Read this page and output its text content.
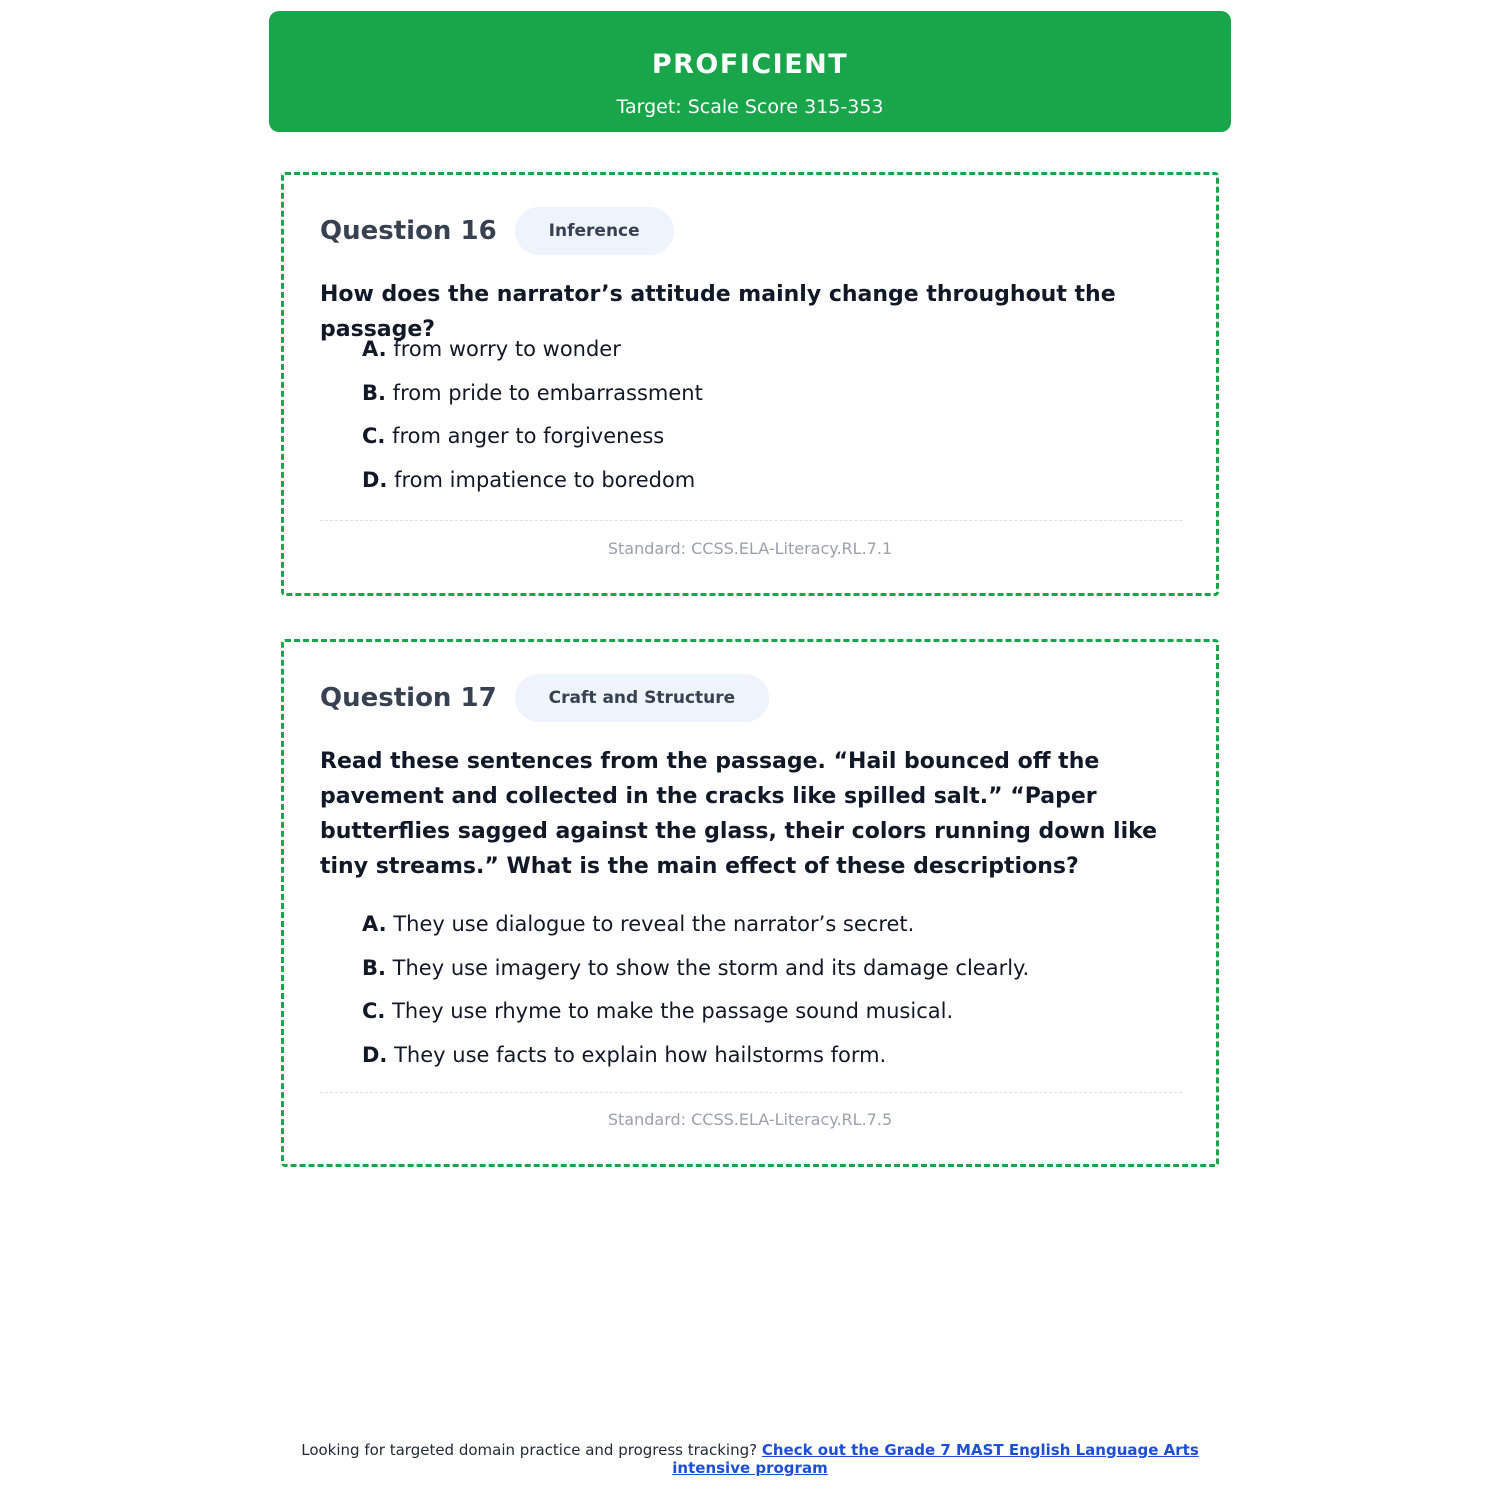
PROFICIENT
Target: Scale Score 315-353
Question 16	Inference
How does the narrator’s attitude mainly change throughout the passage?
A. from worry to wonder
B. from pride to embarrassment
C. from anger to forgiveness
D. from impatience to boredom
Standard: CCSS.ELA-Literacy.RL.7.1
Question 17	Craft and Structure
Read these sentences from the passage. “Hail bounced off the pavement and collected in the cracks like spilled salt.” “Paper butterflies sagged against the glass, their colors running down like tiny streams.” What is the main effect of these descriptions?
A. They use dialogue to reveal the narrator’s secret.
B. They use imagery to show the storm and its damage clearly.
C. They use rhyme to make the passage sound musical.
D. They use facts to explain how hailstorms form.
Standard: CCSS.ELA-Literacy.RL.7.5
Looking for targeted domain practice and progress tracking? Check out the Grade 7 MAST English Language Arts intensive program
